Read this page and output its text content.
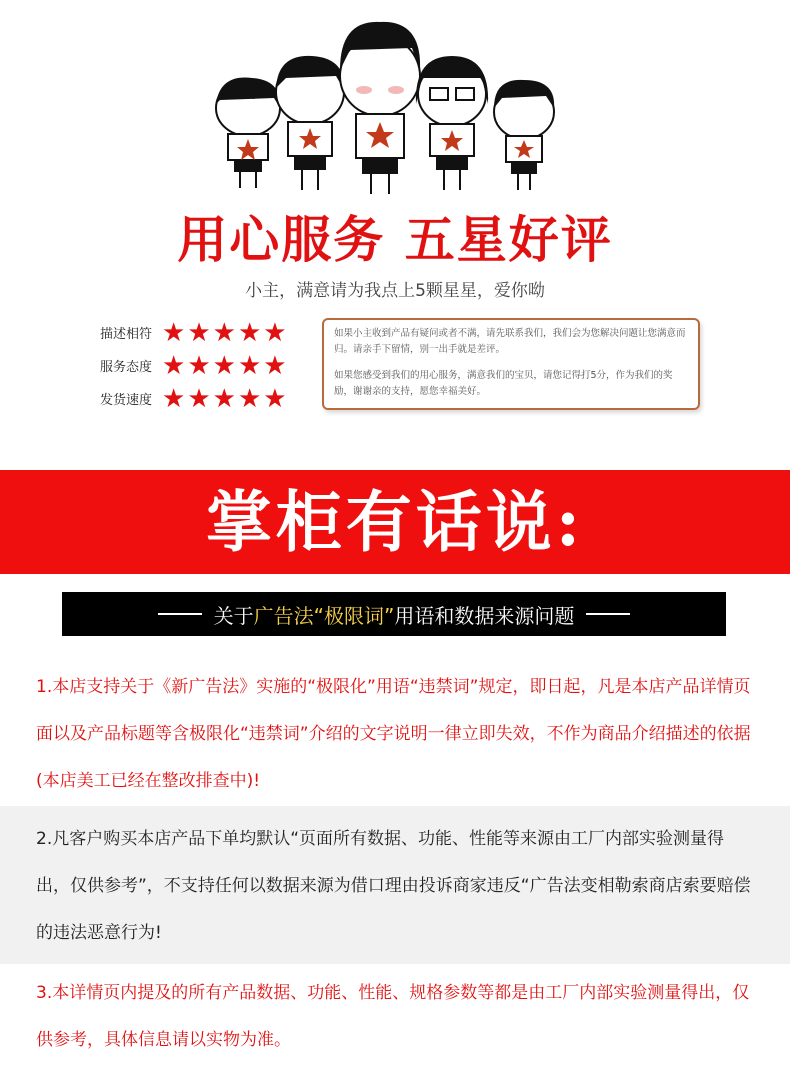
用心服务 五星好评
小主，满意请为我点上5颗星星，爱你呦
描述相符 ★ ★ ★ ★ ★
服务态度 ★ ★ ★ ★ ★
发货速度 ★ ★ ★ ★ ★

如果小主收到产品有疑问或者不满，请先联系我们，我们会为您解决问题让您满意而归。请亲手下留情，别一出手就是差评。

如果您感受到我们的用心服务，满意我们的宝贝，请您记得打5分，作为我们的奖励，谢谢亲的支持，愿您幸福美好。

掌柜有话说:
关于 广告法 “极限词” 用语和数据来源问题
1.本店支持关于《新广告法》实施的“极限化”用语“违禁词”规定，即日起，凡是本店产品详情页面以及产品标题等含极限化“违禁词”介绍的文字说明一律立即失效，不作为商品介绍描述的依据(本店美工已经在整改排查中)!
2.凡客户购买本店产品下单均默认“页面所有数据、功能、性能等来源由工厂内部实验测量得出，仅供参考”，不支持任何以数据来源为借口理由投诉商家违反“广告法变相勒索商店索要赔偿的违法恶意行为!
3.本详情页内提及的所有产品数据、功能、性能、规格参数等都是由工厂内部实验测量得出，仅供参考，具体信息请以实物为准。
